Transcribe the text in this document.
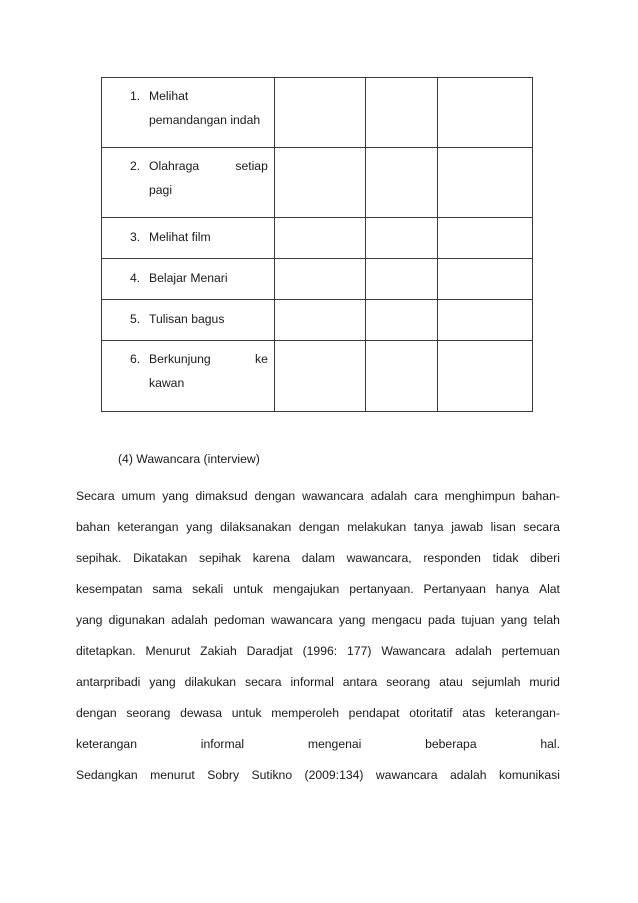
1. Melihat
pemandangan indah			

2. Olahraga setiap
pagi			

3. Melihat film			

4. Belajar Menari			

5. Tulisan bagus			

6. Berkunjung ke
kawan			

(4) Wawancara (interview)
Secara umum yang dimaksud dengan wawancara adalah cara menghimpun bahan-
bahan keterangan yang dilaksanakan dengan melakukan tanya jawab lisan secara
sepihak. Dikatakan sepihak karena dalam wawancara, responden tidak diberi
kesempatan sama sekali untuk mengajukan pertanyaan. Pertanyaan hanya Alat
yang digunakan adalah pedoman wawancara yang mengacu pada tujuan yang telah
ditetapkan. Menurut Zakiah Daradjat (1996: 177) Wawancara adalah pertemuan
antarpribadi yang dilakukan secara informal antara seorang atau sejumlah murid
dengan seorang dewasa untuk memperoleh pendapat otoritatif atas keterangan-
keterangan	informal	mengenai	beberapa	hal.
Sedangkan menurut Sobry Sutikno (2009:134) wawancara adalah komunikasi
